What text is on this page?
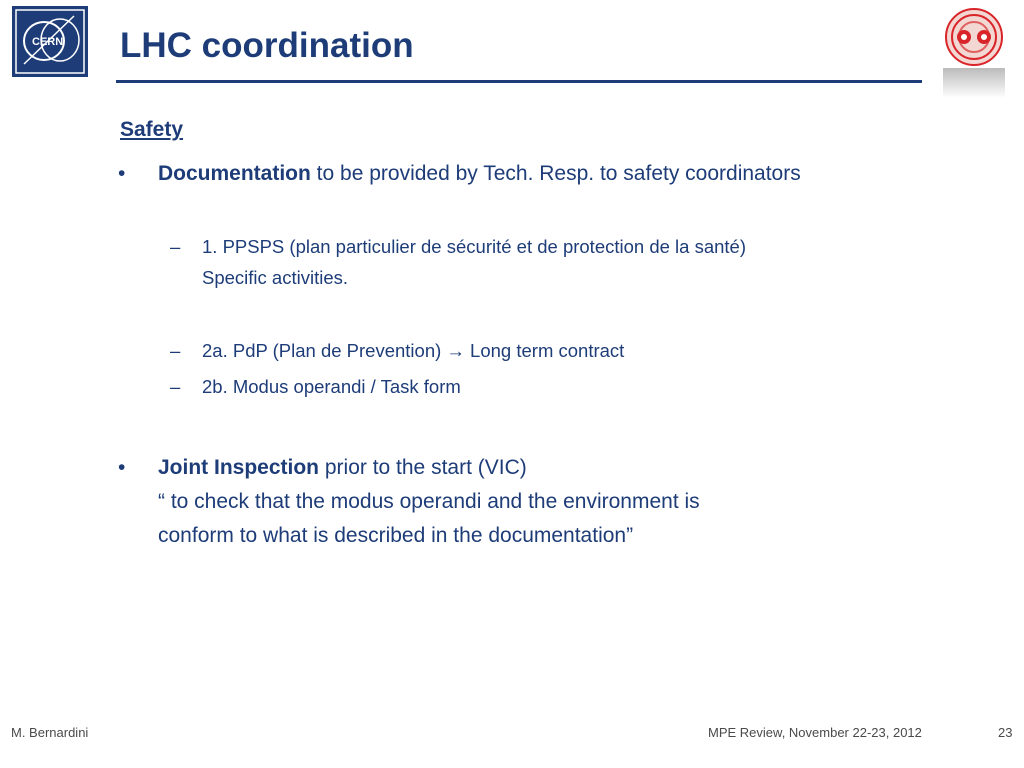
CERN LHC coordination
Safety
•	Documentation to be provided by Tech. Resp. to safety coordinators
– 1. PPSPS (plan particulier de sécurité et de protection de la santé)
Specific activities.
– 2a. PdP (Plan de Prevention) → Long term contract
– 2b. Modus operandi / Task form
•	Joint Inspection prior to the start (VIC)
“ to check that the modus operandi and the environment is
conform to what is described in the documentation”
M. Bernardini	MPE Review, November 22-23, 2012	23
